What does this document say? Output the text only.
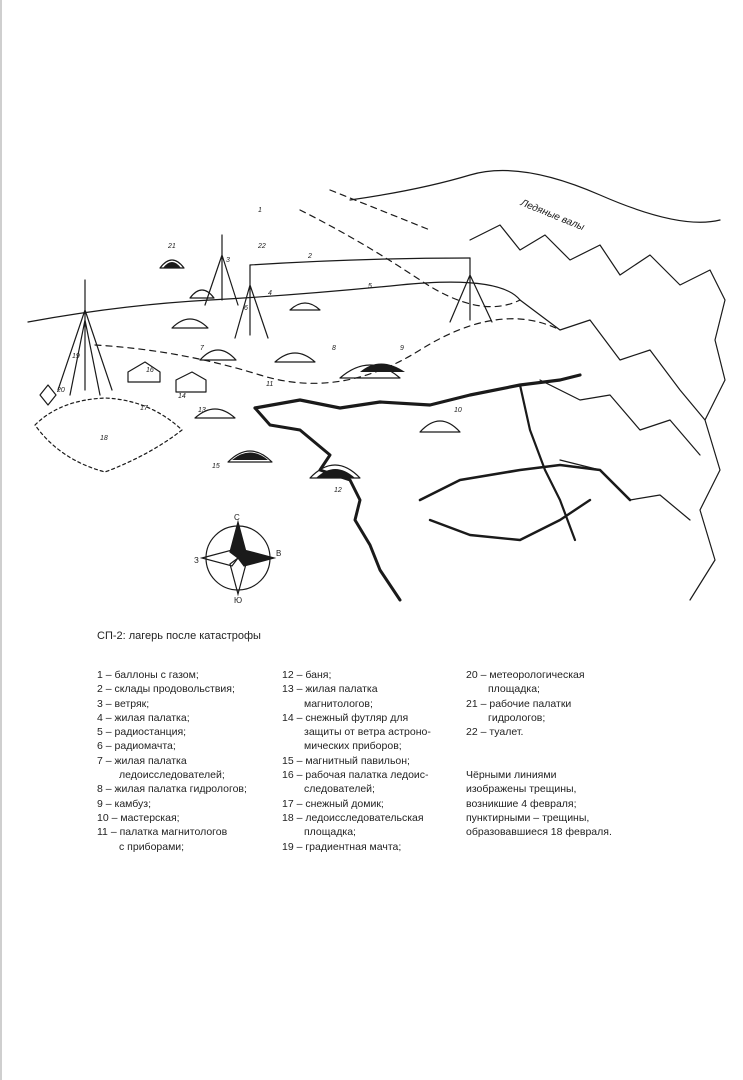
Ледяные валы
С
Ю
В
З
1
2
3
4
5
6
7	8	9
10
11
12
13
14
15
16
17
18
19
20
21	22
СП-2: лагерь после катастрофы
1 – баллоны с газом;
2 – склады продовольствия;
3 – ветряк;
4 – жилая палатка;
5 – радиостанция;
6 – радиомачта;
7 – жилая палатка
ледоисследователей;
8 – жилая палатка гидрологов;
9 – камбуз;
10 – мастерская;
11 – палатка магнитологов
с приборами;
12 – баня;
13 – жилая палатка
магнитологов;
14 – снежный футляр для
защиты от ветра астроно-
мических приборов;
15 – магнитный павильон;
16 – рабочая палатка ледоис-
следователей;
17 – снежный домик;
18 – ледоисследовательская
площадка;
19 – градиентная мачта;
20 – метеорологическая
площадка;
21 – рабочие палатки
гидрологов;
22 – туалет.
Чёрными линиями
изображены трещины,
возникшие 4 февраля;
пунктирными – трещины,
образовавшиеся 18 февраля.
